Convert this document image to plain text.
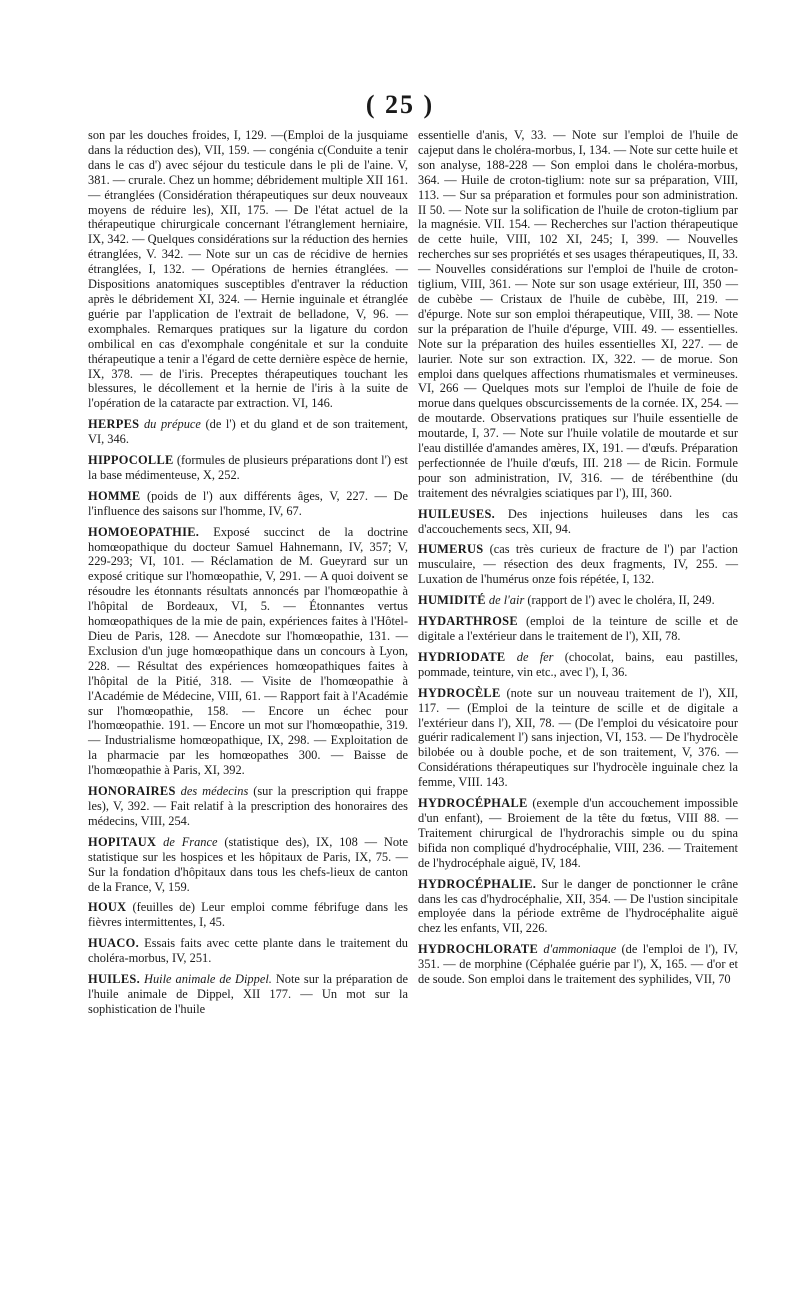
( 25 )

son par les douches froides, I, 129. —(Emploi de la jusquiame dans la réduction des), VII, 159. — congénia c(Conduite a tenir dans le cas d') avec séjour du testicule dans le pli de l'aine. V, 381. — crurale. Chez un homme; débridement multiple XII 161. — étranglées (Considération thérapeutiques sur deux nouveaux moyens de réduire les), XII, 175. — De l'état actuel de la thérapeutique chirurgicale concernant l'étranglement herniaire, IX, 342. — Quelques considérations sur la réduction des hernies étranglées, V. 342. — Note sur un cas de récidive de hernies étranglées, I, 132. — Opérations de hernies étranglées. — Dispositions anatomiques susceptibles d'entraver la réduction après le débridement XI, 324. — Hernie inguinale et étranglée guérie par l'application de l'extrait de belladone, V, 96. — exomphales. Remarques pratiques sur la ligature du cordon ombilical en cas d'exomphale congénitale et sur la conduite thérapeutique a tenir a l'égard de cette dernière espèce de hernie, IX, 378. — de l'iris. Preceptes thérapeutiques touchant les blessures, le décollement et la hernie de l'iris à la suite de l'opération de la cataracte par extraction. VI, 146.

HERPES du prépuce (de l') et du gland et de son traitement, VI, 346.

HIPPOCOLLE (formules de plusieurs préparations dont l') est la base médimenteuse, X, 252.

HOMME (poids de l') aux différents âges, V, 227. — De l'influence des saisons sur l'homme, IV, 67.

HOMOEOPATHIE. Exposé succinct de la doctrine homœopathique du docteur Samuel Hahnemann, IV, 357; V, 229-293; VI, 101. — Réclamation de M. Gueyrard sur un exposé critique sur l'homœopathie, V, 291. — A quoi doivent se résoudre les étonnants résultats annoncés par l'homœopathie à l'hôpital de Bordeaux, VI, 5. — Étonnantes vertus homœopathiques de la mie de pain, expériences faites à l'Hôtel-Dieu de Paris, 128. — Anecdote sur l'homœopathie, 131. — Exclusion d'un juge homœopathique dans un concours à Lyon, 228. — Résultat des expériences homœopathiques faites à l'hôpital de la Pitié, 318. — Visite de l'homœopathie à l'Académie de Médecine, VIII, 61. — Rapport fait à l'Académie sur l'homœopathie, 158. — Encore un échec pour l'homœopathie. 191. — Encore un mot sur l'homœopathie, 319. — Industrialisme homœopathique, IX, 298. — Exploitation de la pharmacie par les homœopathes 300. — Baisse de l'homœopathie à Paris, XI, 392.

HONORAIRES des médecins (sur la prescription qui frappe les), V, 392. — Fait relatif à la prescription des honoraires des médecins, VIII, 254.

HOPITAUX de France (statistique des), IX, 108 — Note statistique sur les hospices et les hôpitaux de Paris, IX, 75. — Sur la fondation d'hôpitaux dans tous les chefs-lieux de canton de la France, V, 159.

HOUX (feuilles de) Leur emploi comme fébrifuge dans les fièvres intermittentes, I, 45.

HUACO. Essais faits avec cette plante dans le traitement du choléra-morbus, IV, 251.

HUILES. Huile animale de Dippel. Note sur la préparation de l'huile animale de Dippel, XII 177. — Un mot sur la sophistication de l'huile

essentielle d'anis, V, 33. — Note sur l'emploi de l'huile de cajeput dans le choléra-morbus, I, 134. — Note sur cette huile et son analyse, 188-228 — Son emploi dans le choléra-morbus, 364. — Huile de croton-tiglium: note sur sa préparation, VIII, 113. — Sur sa préparation et formules pour son administration. II 50. — Note sur la solification de l'huile de croton-tiglium par la magnésie. VII. 154. — Recherches sur l'action thérapeutique de cette huile, VIII, 102 XI, 245; I, 399. — Nouvelles recherches sur ses propriétés et ses usages thérapeutiques, II, 33. — Nouvelles considérations sur l'emploi de l'huile de croton-tiglium, VIII, 361. — Note sur son usage extérieur, III, 350 — de cubèbe — Cristaux de l'huile de cubèbe, III, 219. — d'épurge. Note sur son emploi thérapeutique, VIII, 38. — Note sur la préparation de l'huile d'épurge, VIII. 49. — essentielles. Note sur la préparation des huiles essentielles XI, 227. — de laurier. Note sur son extraction. IX, 322. — de morue. Son emploi dans quelques affections rhumatismales et vermineuses. VI, 266 — Quelques mots sur l'emploi de l'huile de foie de morue dans quelques obscurcissements de la cornée. IX, 254. — de moutarde. Observations pratiques sur l'huile essentielle de moutarde, I, 37. — Note sur l'huile volatile de moutarde et sur l'eau distillée d'amandes amères, IX, 191. — d'œufs. Préparation perfectionnée de l'huile d'œufs, III. 218 — de Ricin. Formule pour son administration, IV, 316. — de térébenthine (du traitement des névralgies sciatiques par l'), III, 360.

HUILEUSES. Des injections huileuses dans les cas d'accouchements secs, XII, 94.

HUMERUS (cas très curieux de fracture de l') par l'action musculaire, — résection des deux fragments, IV, 255. — Luxation de l'humérus onze fois répétée, I, 132.

HUMIDITÉ de l'air (rapport de l') avec le choléra, II, 249.

HYDARTHROSE (emploi de la teinture de scille et de digitale a l'extérieur dans le traitement de l'), XII, 78.

HYDRIODATE de fer (chocolat, bains, eau pastilles, pommade, teinture, vin etc., avec l'), I, 36.

HYDROCÈLE (note sur un nouveau traitement de l'), XII, 117. — (Emploi de la teinture de scille et de digitale a l'extérieur dans l'), XII, 78. — (De l'emploi du vésicatoire pour guérir radicalement l') sans injection, VI, 153. — De l'hydrocèle bilobée ou à double poche, et de son traitement, V, 376. — Considérations thérapeutiques sur l'hydrocèle inguinale chez la femme, VIII. 143.

HYDROCÉPHALE (exemple d'un accouchement impossible d'un enfant), — Broiement de la tête du fœtus, VIII 88. — Traitement chirurgical de l'hydrorachis simple ou du spina bifida non compliqué d'hydrocéphalie, VIII, 236. — Traitement de l'hydrocéphale aiguë, IV, 184.

HYDROCÉPHALIE. Sur le danger de ponctionner le crâne dans les cas d'hydrocéphalie, XII, 354. — De l'ustion sincipitale employée dans la période extrême de l'hydrocéphalite aiguë chez les enfants, VII, 226.

HYDROCHLORATE d'ammoniaque (de l'emploi de l'), IV, 351. — de morphine (Céphalée guérie par l'), X, 165. — d'or et de soude. Son emploi dans le traitement des syphilides, VII, 70
